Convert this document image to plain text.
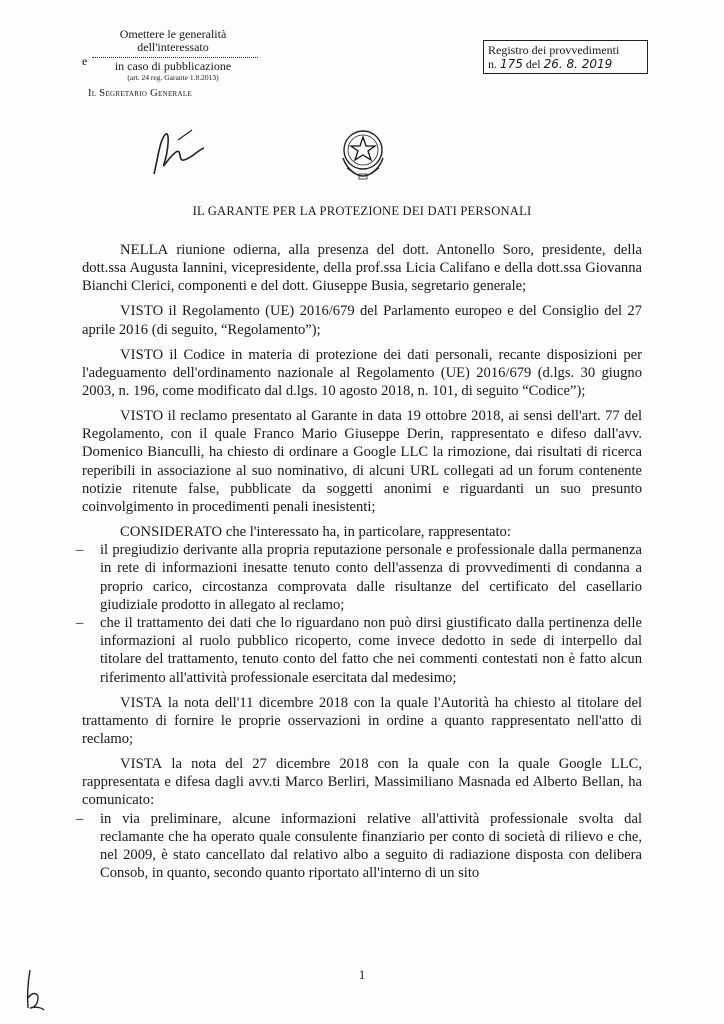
Omettere le generalità
dell'interessato
e	in caso di pubblicazione
(art. 24 reg. Garante 1.8.2013)
Il Segretario Generale
Registro dei provvedimenti
n. 175 del 26. 8. 2019
IL GARANTE PER LA PROTEZIONE DEI DATI PERSONALI

NELLA riunione odierna, alla presenza del dott. Antonello Soro, presidente, della dott.ssa Augusta Iannini, vicepresidente, della prof.ssa Licia Califano e della dott.ssa Giovanna Bianchi Clerici, componenti e del dott. Giuseppe Busia, segretario generale;

VISTO il Regolamento (UE) 2016/679 del Parlamento europeo e del Consiglio del 27 aprile 2016 (di seguito, “Regolamento”);

VISTO il Codice in materia di protezione dei dati personali, recante disposizioni per l'adeguamento dell'ordinamento nazionale al Regolamento (UE) 2016/679 (d.lgs. 30 giugno 2003, n. 196, come modificato dal d.lgs. 10 agosto 2018, n. 101, di seguito “Codice”);

VISTO il reclamo presentato al Garante in data 19 ottobre 2018, ai sensi dell'art. 77 del Regolamento, con il quale Franco Mario Giuseppe Derin, rappresentato e difeso dall'avv. Domenico Bianculli, ha chiesto di ordinare a Google LLC la rimozione, dai risultati di ricerca reperibili in associazione al suo nominativo, di alcuni URL collegati ad un forum contenente notizie ritenute false, pubblicate da soggetti anonimi e riguardanti un suo presunto coinvolgimento in procedimenti penali inesistenti;

CONSIDERATO che l'interessato ha, in particolare, rappresentato:

– il pregiudizio derivante alla propria reputazione personale e professionale dalla permanenza in rete di informazioni inesatte tenuto conto dell'assenza di provvedimenti di condanna a proprio carico, circostanza comprovata dalle risultanze del certificato del casellario giudiziale prodotto in allegato al reclamo;
– che il trattamento dei dati che lo riguardano non può dirsi giustificato dalla pertinenza delle informazioni al ruolo pubblico ricoperto, come invece dedotto in sede di interpello dal titolare del trattamento, tenuto conto del fatto che nei commenti contestati non è fatto alcun riferimento all'attività professionale esercitata dal medesimo;

VISTA la nota dell'11 dicembre 2018 con la quale l'Autorità ha chiesto al titolare del trattamento di fornire le proprie osservazioni in ordine a quanto rappresentato nell'atto di reclamo;

VISTA la nota del 27 dicembre 2018 con la quale con la quale Google LLC, rappresentata e difesa dagli avv.ti Marco Berliri, Massimiliano Masnada ed Alberto Bellan, ha comunicato:

– in via preliminare, alcune informazioni relative all'attività professionale svolta dal reclamante che ha operato quale consulente finanziario per conto di società di rilievo e che, nel 2009, è stato cancellato dal relativo albo a seguito di radiazione disposta con delibera Consob, in quanto, secondo quanto riportato all'interno di un sito
1
